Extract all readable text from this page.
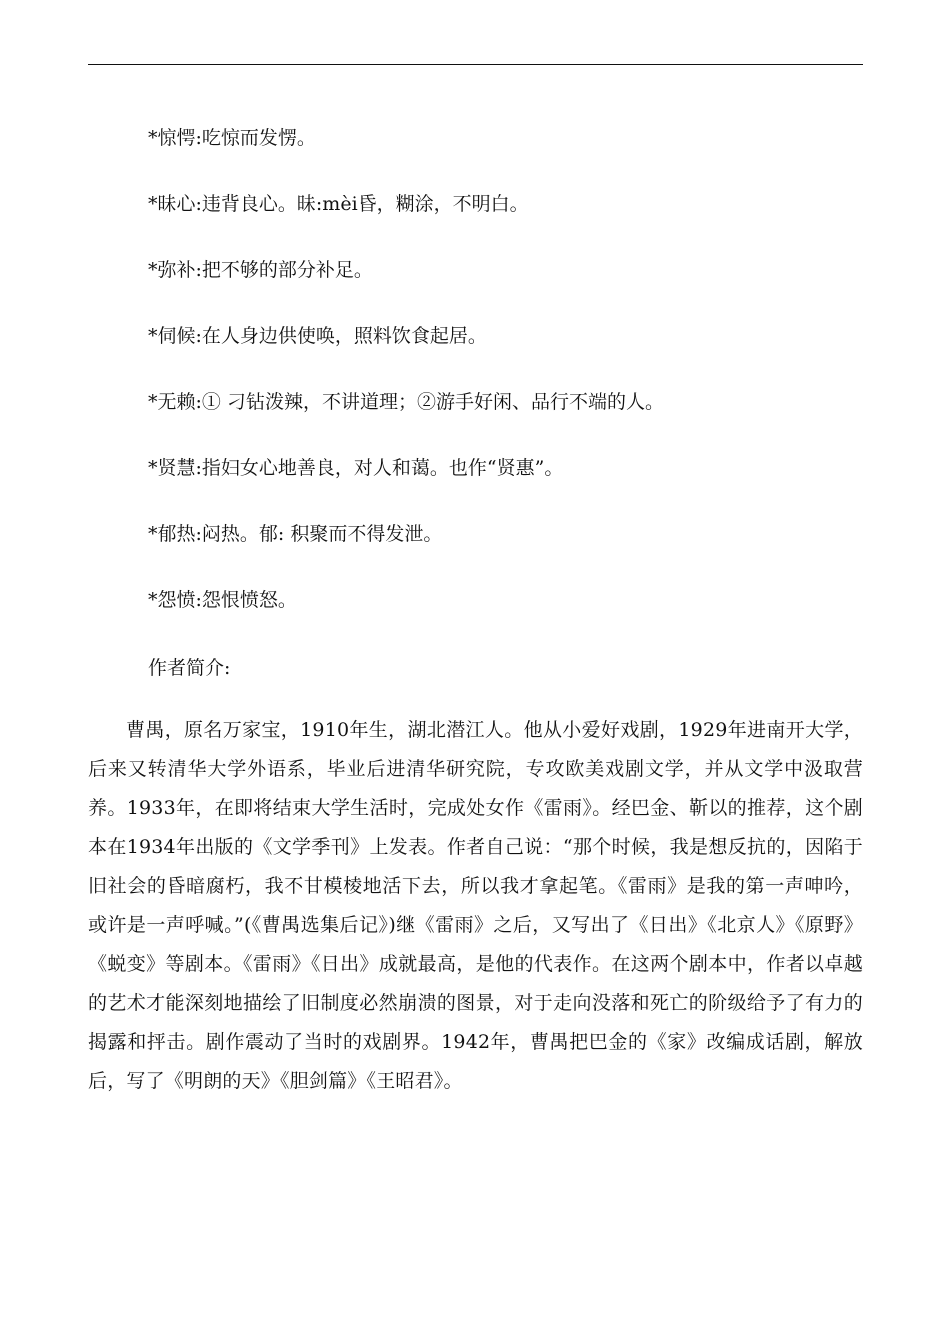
*惊愕:吃惊而发愣。
*昧心:违背良心。昧:mèi昏，糊涂，不明白。
*弥补:把不够的部分补足。
*伺候:在人身边供使唤，照料饮食起居。
*无赖:① 刁钻泼辣，不讲道理；②游手好闲、品行不端的人。
*贤慧:指妇女心地善良，对人和蔼。也作“贤惠”。
*郁热:闷热。郁: 积聚而不得发泄。
*怨愤:怨恨愤怒。
作者简介:

曹禺，原名万家宝，1910年生，湖北潜江人。他从小爱好戏剧，1929年进南开大学，后来又转清华大学外语系，毕业后进清华研究院，专攻欧美戏剧文学，并从文学中汲取营养。1933年，在即将结束大学生活时，完成处女作《雷雨》。经巴金、靳以的推荐，这个剧本在1934年出版的《文学季刊》上发表。作者自己说：“那个时候，我是想反抗的，因陷于旧社会的昏暗腐朽，我不甘模棱地活下去，所以我才拿起笔。《雷雨》是我的第一声呻吟，或许是一声呼喊。”(《曹禺选集后记》)继《雷雨》之后，又写出了《日出》《北京人》《原野》《蜕变》等剧本。《雷雨》《日出》成就最高，是他的代表作。在这两个剧本中，作者以卓越的艺术才能深刻地描绘了旧制度必然崩溃的图景，对于走向没落和死亡的阶级给予了有力的揭露和抨击。剧作震动了当时的戏剧界。1942年，曹禺把巴金的《家》改编成话剧，解放后，写了《明朗的天》《胆剑篇》《王昭君》。
